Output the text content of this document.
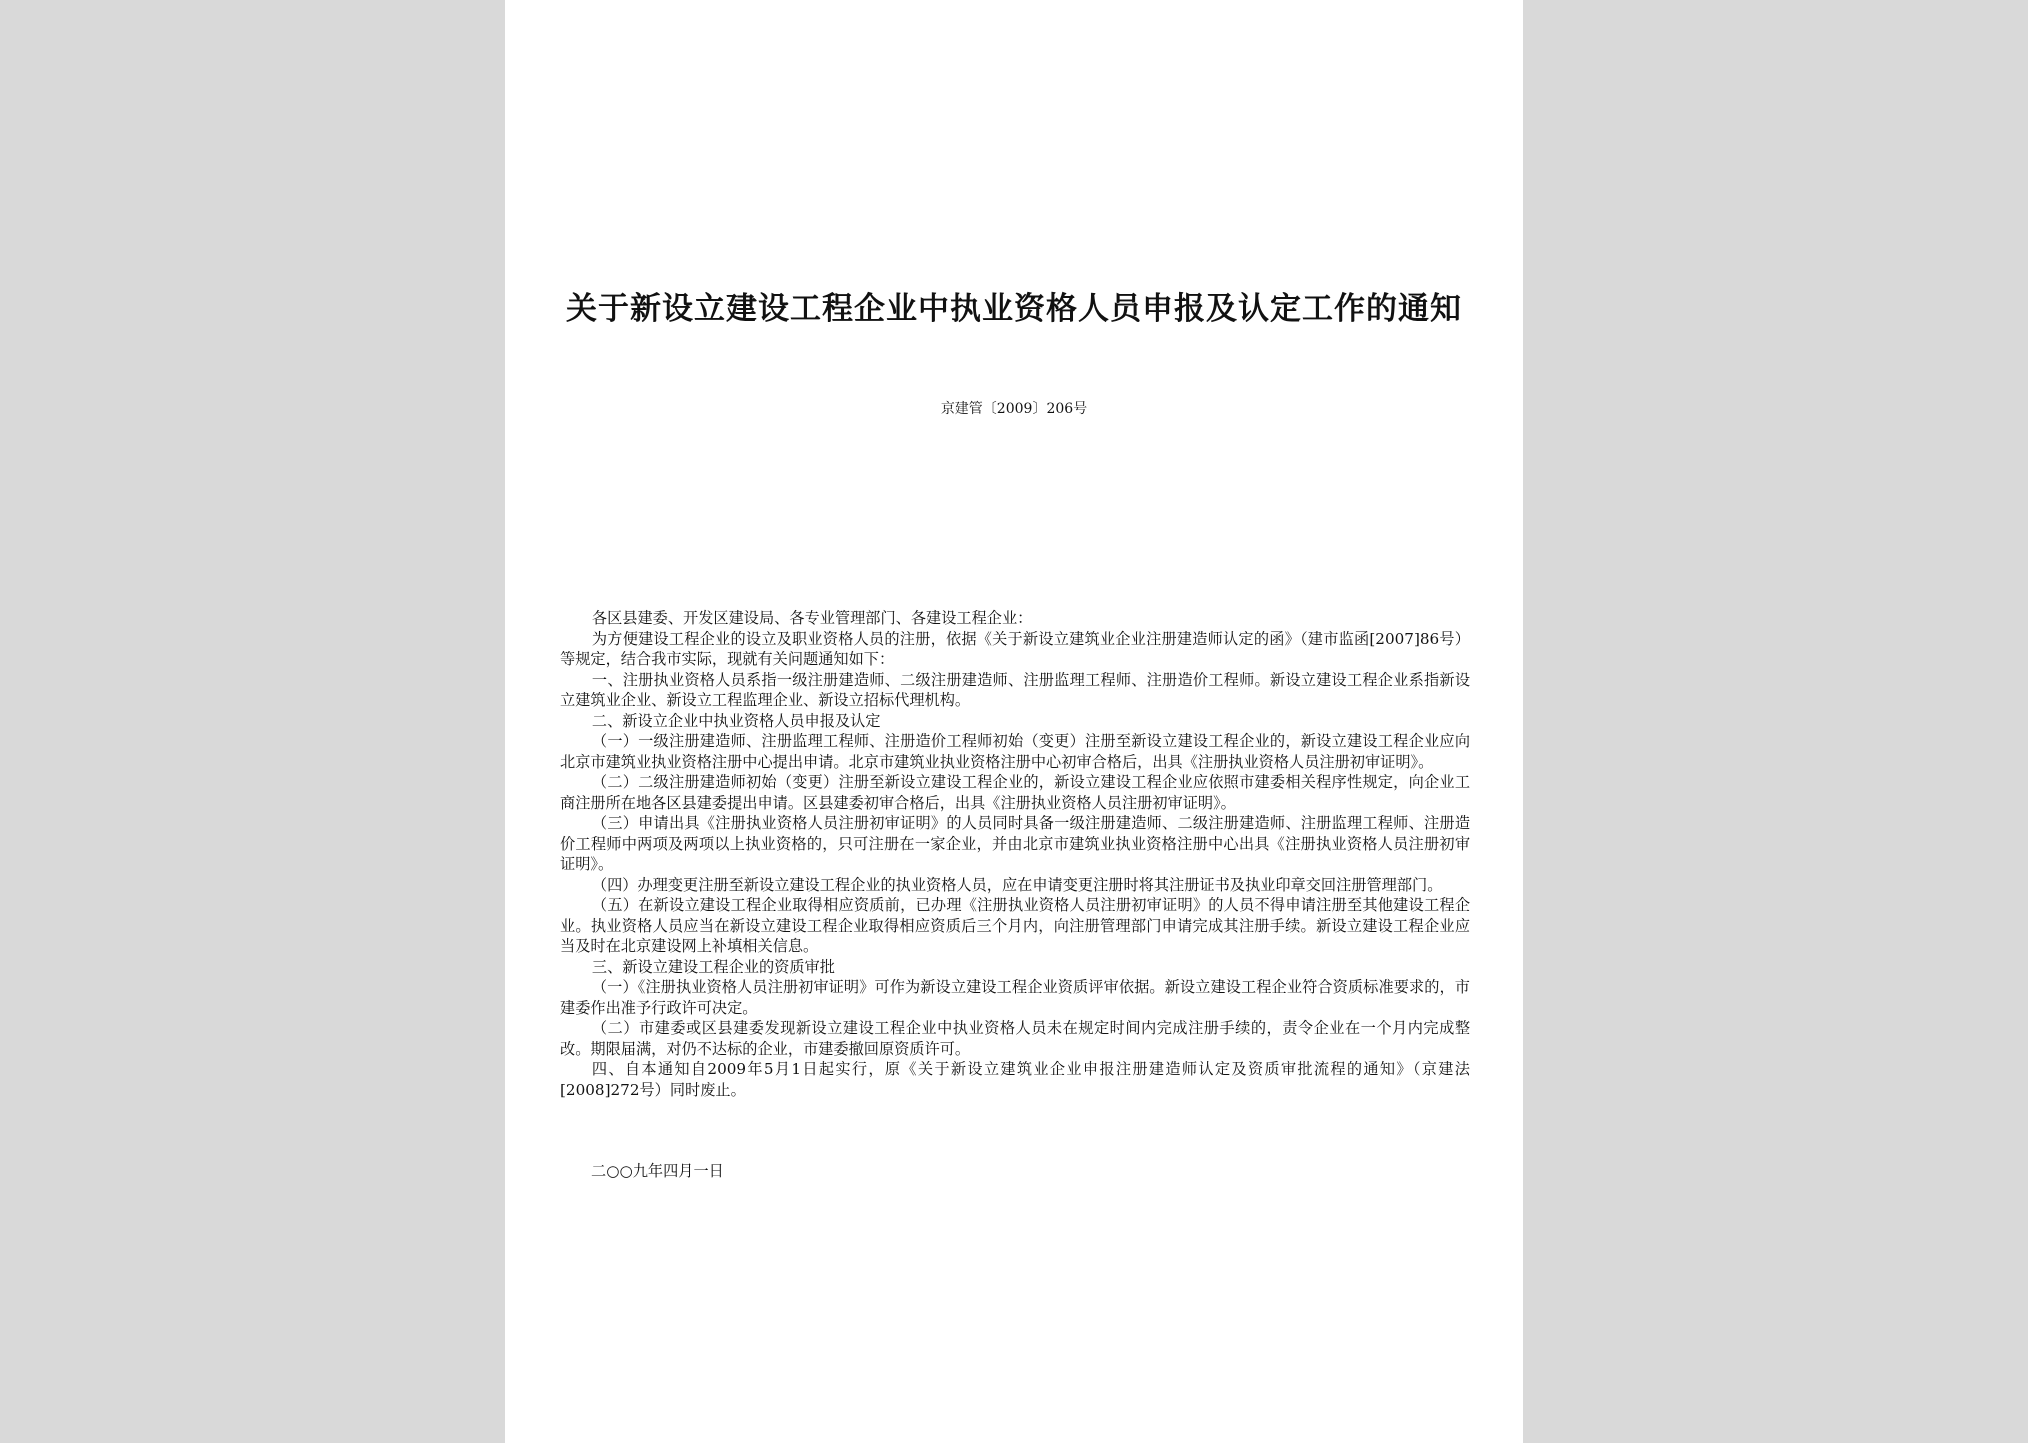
关于新设立建设工程企业中执业资格人员申报及认定工作的通知
京建管〔2009〕206号

各区县建委、开发区建设局、各专业管理部门、各建设工程企业：

为方便建设工程企业的设立及职业资格人员的注册，依据《关于新设立建筑业企业注册建造师认定的函》（建市监函[2007]86号）等规定，结合我市实际，现就有关问题通知如下：

一、注册执业资格人员系指一级注册建造师、二级注册建造师、注册监理工程师、注册造价工程师。新设立建设工程企业系指新设立建筑业企业、新设立工程监理企业、新设立招标代理机构。

二、新设立企业中执业资格人员申报及认定

（一）一级注册建造师、注册监理工程师、注册造价工程师初始（变更）注册至新设立建设工程企业的，新设立建设工程企业应向北京市建筑业执业资格注册中心提出申请。北京市建筑业执业资格注册中心初审合格后，出具《注册执业资格人员注册初审证明》。

（二）二级注册建造师初始（变更）注册至新设立建设工程企业的，新设立建设工程企业应依照市建委相关程序性规定，向企业工商注册所在地各区县建委提出申请。区县建委初审合格后，出具《注册执业资格人员注册初审证明》。

（三）申请出具《注册执业资格人员注册初审证明》的人员同时具备一级注册建造师、二级注册建造师、注册监理工程师、注册造价工程师中两项及两项以上执业资格的，只可注册在一家企业，并由北京市建筑业执业资格注册中心出具《注册执业资格人员注册初审证明》。

（四）办理变更注册至新设立建设工程企业的执业资格人员，应在申请变更注册时将其注册证书及执业印章交回注册管理部门。

（五）在新设立建设工程企业取得相应资质前，已办理《注册执业资格人员注册初审证明》的人员不得申请注册至其他建设工程企业。执业资格人员应当在新设立建设工程企业取得相应资质后三个月内，向注册管理部门申请完成其注册手续。新设立建设工程企业应当及时在北京建设网上补填相关信息。

三、新设立建设工程企业的资质审批

（一）《注册执业资格人员注册初审证明》可作为新设立建设工程企业资质评审依据。新设立建设工程企业符合资质标准要求的，市建委作出准予行政许可决定。

（二）市建委或区县建委发现新设立建设工程企业中执业资格人员未在规定时间内完成注册手续的，责令企业在一个月内完成整改。期限届满，对仍不达标的企业，市建委撤回原资质许可。

四、自本通知自2009年5月1日起实行，原《关于新设立建筑业企业申报注册建造师认定及资质审批流程的通知》（京建法[2008]272号）同时废止。

二○○九年四月一日
